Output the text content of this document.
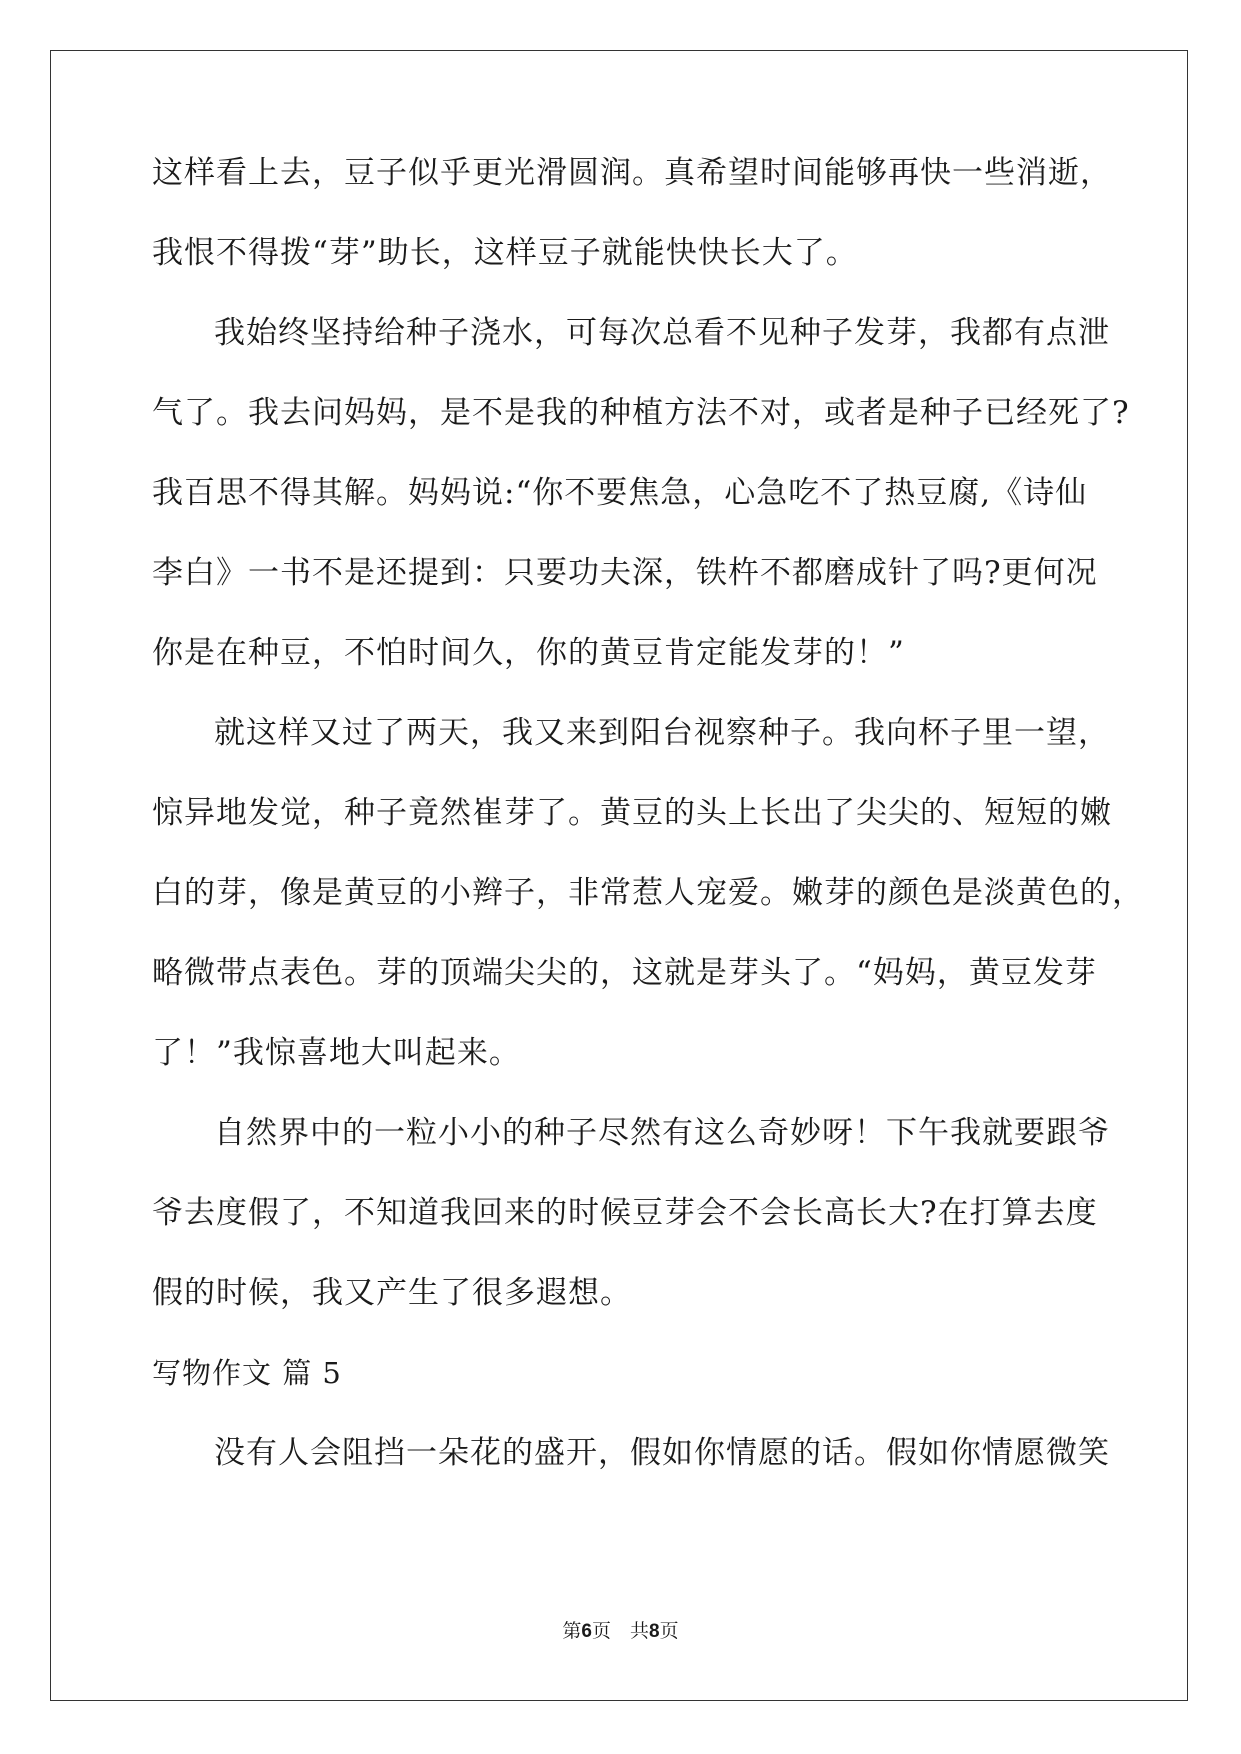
这样看上去，豆子似乎更光滑圆润。真希望时间能够再快一些消逝，
我恨不得拨“芽”助长，这样豆子就能快快长大了。
我始终坚持给种子浇水，可每次总看不见种子发芽，我都有点泄
气了。我去问妈妈，是不是我的种植方法不对，或者是种子已经死了?
我百思不得其解。妈妈说:“你不要焦急，心急吃不了热豆腐,《诗仙
李白》一书不是还提到：只要功夫深，铁杵不都磨成针了吗?更何况
你是在种豆，不怕时间久，你的黄豆肯定能发芽的！”
就这样又过了两天，我又来到阳台视察种子。我向杯子里一望，
惊异地发觉，种子竟然崔芽了。黄豆的头上长出了尖尖的、短短的嫩
白的芽，像是黄豆的小辫子，非常惹人宠爱。嫩芽的颜色是淡黄色的，
略微带点表色。芽的顶端尖尖的，这就是芽头了。“妈妈，黄豆发芽
了！”我惊喜地大叫起来。
自然界中的一粒小小的种子尽然有这么奇妙呀！下午我就要跟爷
爷去度假了，不知道我回来的时候豆芽会不会长高长大?在打算去度
假的时候，我又产生了很多遐想。
写物作文 篇 5
没有人会阻挡一朵花的盛开，假如你情愿的话。假如你情愿微笑
第6页　共8页
